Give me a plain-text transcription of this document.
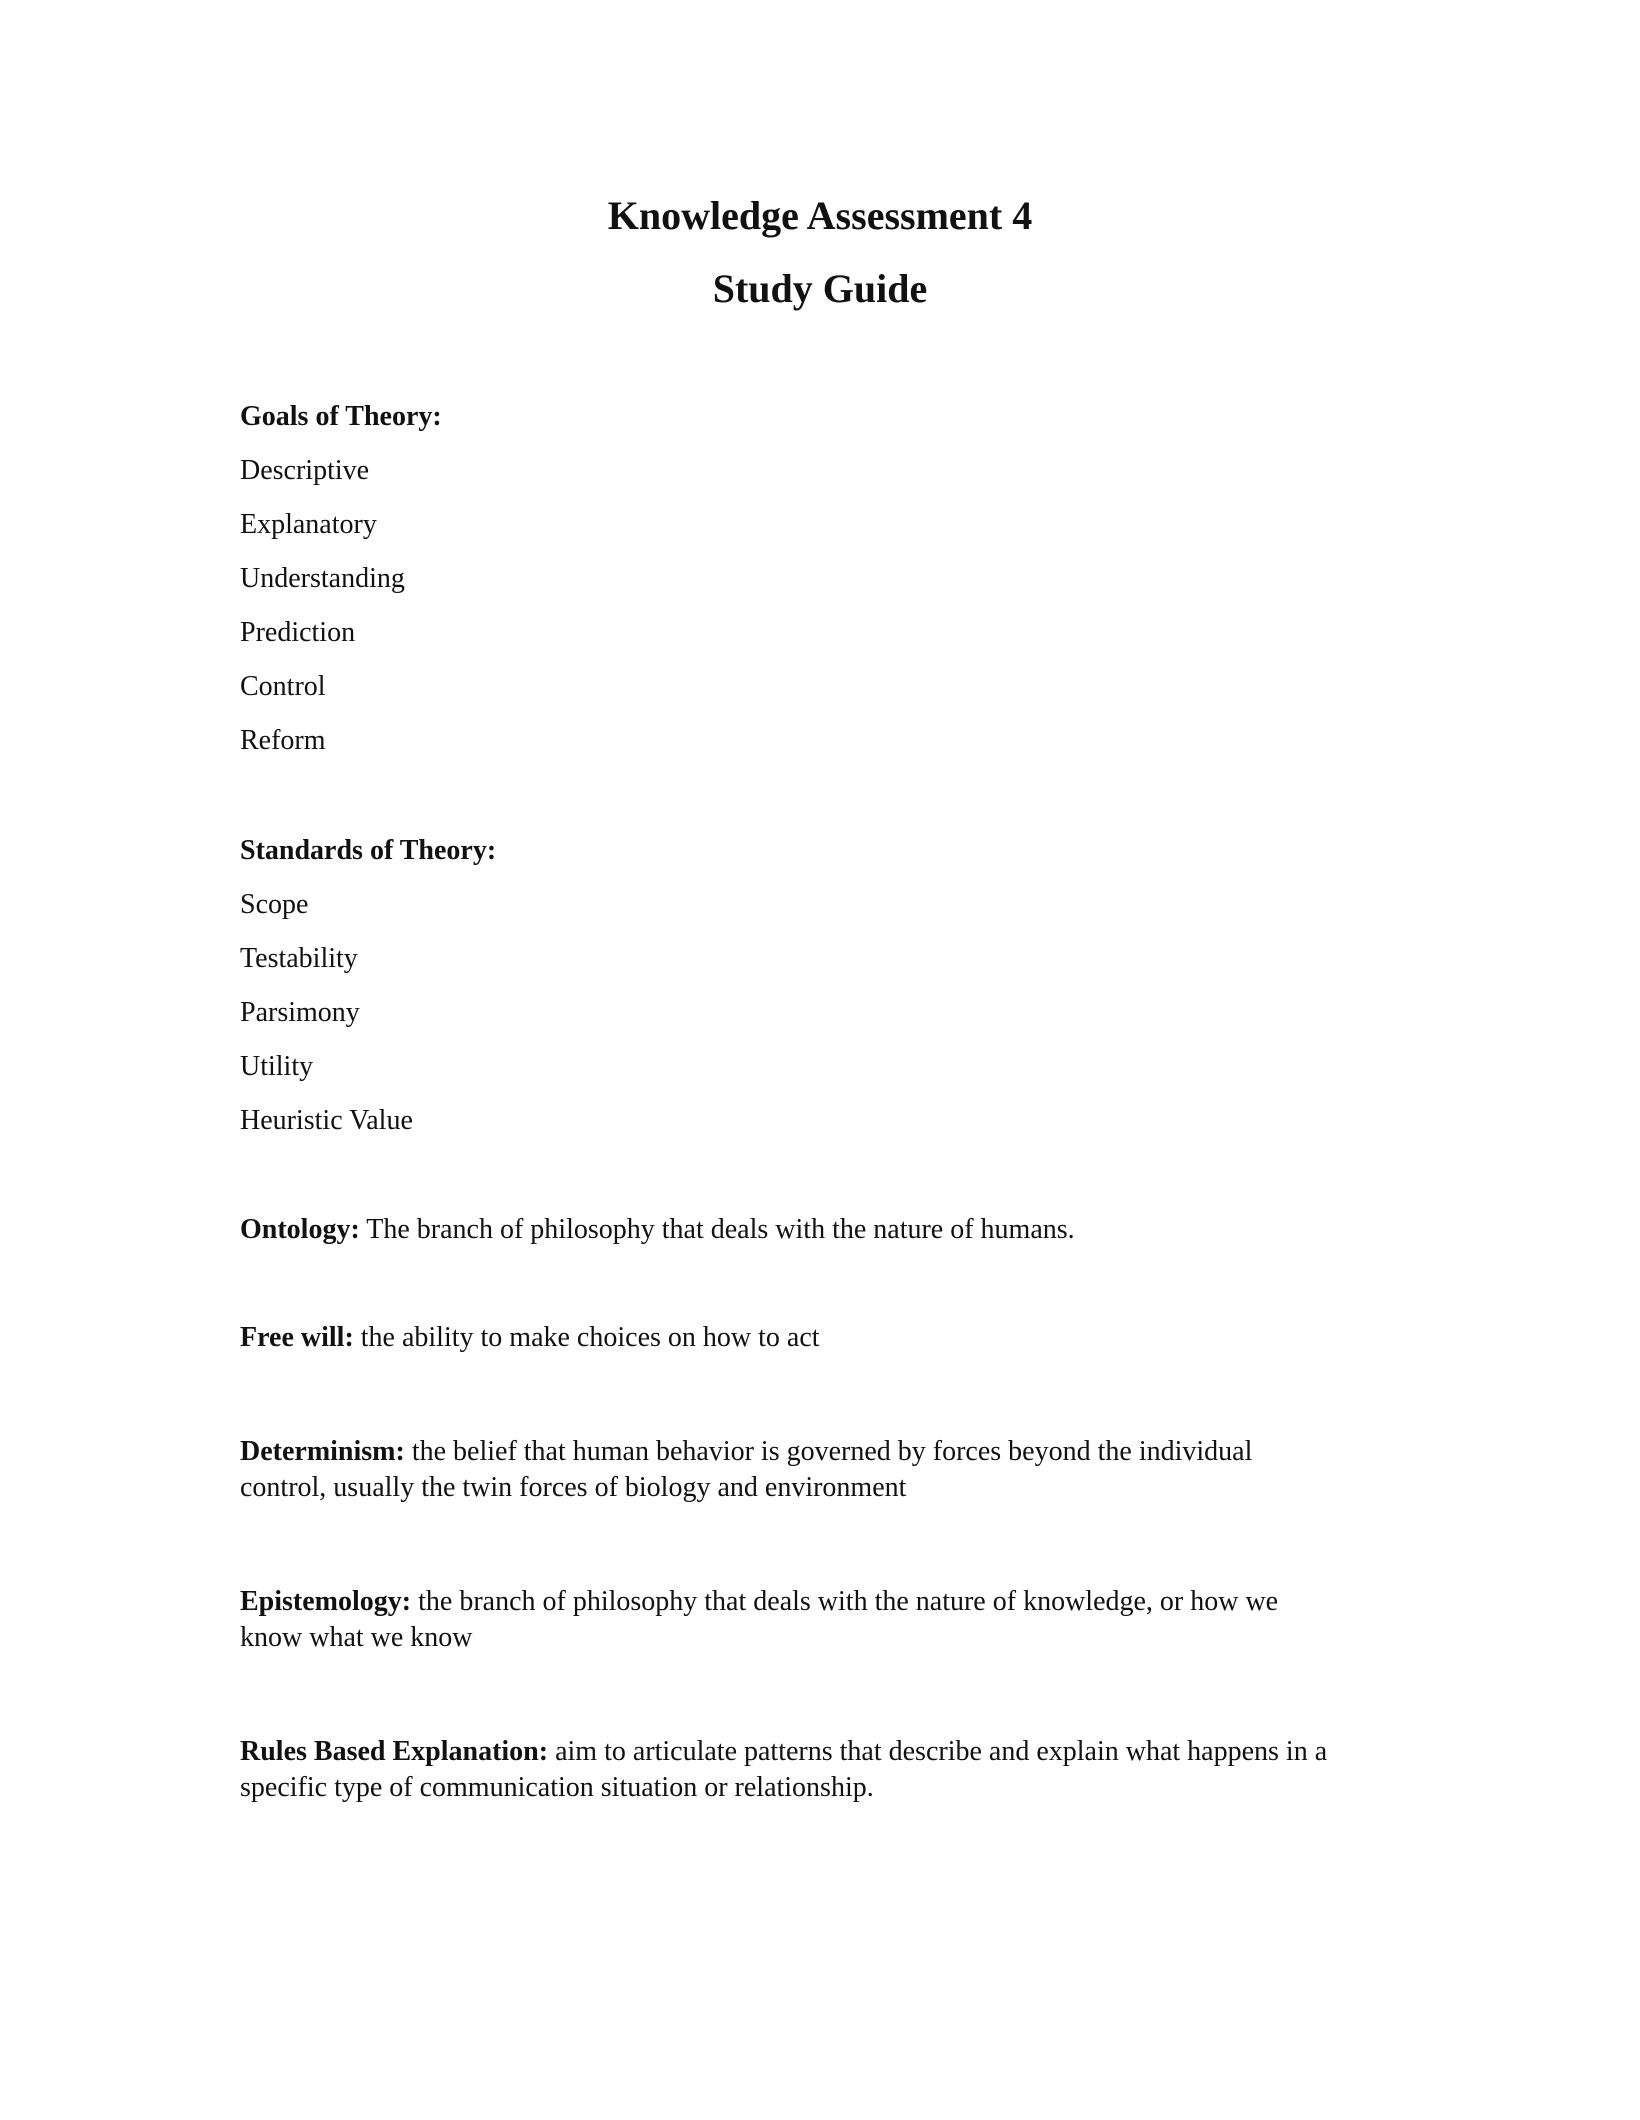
Knowledge Assessment 4
Study Guide

Goals of Theory:

Descriptive

Explanatory

Understanding

Prediction

Control

Reform

Standards of Theory:

Scope

Testability

Parsimony

Utility

Heuristic Value

Ontology: The branch of philosophy that deals with the nature of humans.

Free will: the ability to make choices on how to act

Determinism: the belief that human behavior is governed by forces beyond the individual control, usually the twin forces of biology and environment

Epistemology: the branch of philosophy that deals with the nature of knowledge, or how we know what we know

Rules Based Explanation: aim to articulate patterns that describe and explain what happens in a specific type of communication situation or relationship.
